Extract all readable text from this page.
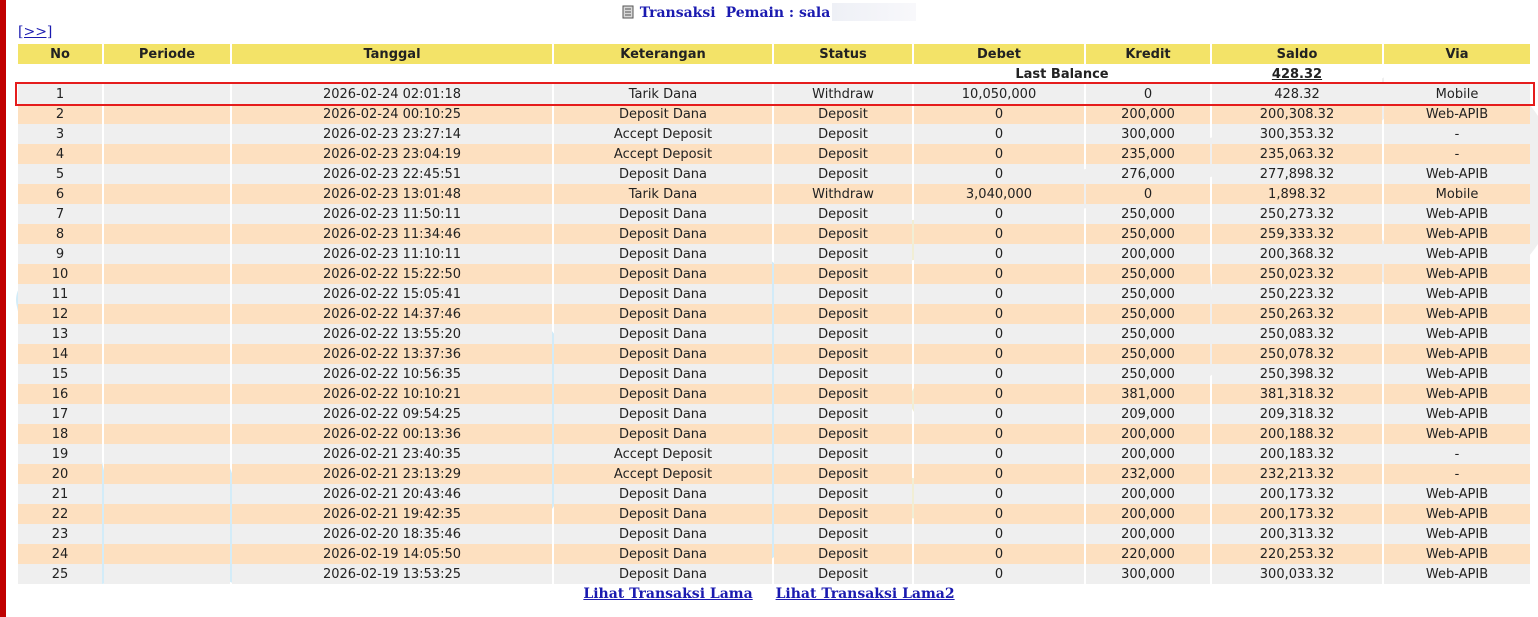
Transaksi Pemain : sala
[>>]
No	Periode	Tanggal	Keterangan	Status	Debet	Kredit	Saldo	Via
					Last Balance		428.32	
1		2026-02-24 02:01:18	Tarik Dana	Withdraw	10,050,000	0	428.32	Mobile
2		2026-02-24 00:10:25	Deposit Dana	Deposit	0	200,000	200,308.32	Web-APIB
3		2026-02-23 23:27:14	Accept Deposit	Deposit	0	300,000	300,353.32	-
4		2026-02-23 23:04:19	Accept Deposit	Deposit	0	235,000	235,063.32	-
5		2026-02-23 22:45:51	Deposit Dana	Deposit	0	276,000	277,898.32	Web-APIB
6		2026-02-23 13:01:48	Tarik Dana	Withdraw	3,040,000	0	1,898.32	Mobile
7		2026-02-23 11:50:11	Deposit Dana	Deposit	0	250,000	250,273.32	Web-APIB
8		2026-02-23 11:34:46	Deposit Dana	Deposit	0	250,000	259,333.32	Web-APIB
9		2026-02-23 11:10:11	Deposit Dana	Deposit	0	200,000	200,368.32	Web-APIB
10		2026-02-22 15:22:50	Deposit Dana	Deposit	0	250,000	250,023.32	Web-APIB
11		2026-02-22 15:05:41	Deposit Dana	Deposit	0	250,000	250,223.32	Web-APIB
12		2026-02-22 14:37:46	Deposit Dana	Deposit	0	250,000	250,263.32	Web-APIB
13		2026-02-22 13:55:20	Deposit Dana	Deposit	0	250,000	250,083.32	Web-APIB
14		2026-02-22 13:37:36	Deposit Dana	Deposit	0	250,000	250,078.32	Web-APIB
15		2026-02-22 10:56:35	Deposit Dana	Deposit	0	250,000	250,398.32	Web-APIB
16		2026-02-22 10:10:21	Deposit Dana	Deposit	0	381,000	381,318.32	Web-APIB
17		2026-02-22 09:54:25	Deposit Dana	Deposit	0	209,000	209,318.32	Web-APIB
18		2026-02-22 00:13:36	Deposit Dana	Deposit	0	200,000	200,188.32	Web-APIB
19		2026-02-21 23:40:35	Accept Deposit	Deposit	0	200,000	200,183.32	-
20		2026-02-21 23:13:29	Accept Deposit	Deposit	0	232,000	232,213.32	-
21		2026-02-21 20:43:46	Deposit Dana	Deposit	0	200,000	200,173.32	Web-APIB
22		2026-02-21 19:42:35	Deposit Dana	Deposit	0	200,000	200,173.32	Web-APIB
23		2026-02-20 18:35:46	Deposit Dana	Deposit	0	200,000	200,313.32	Web-APIB
24		2026-02-19 14:05:50	Deposit Dana	Deposit	0	220,000	220,253.32	Web-APIB
25		2026-02-19 13:53:25	Deposit Dana	Deposit	0	300,000	300,033.32	Web-APIB
Lihat Transaksi Lama Lihat Transaksi Lama2
